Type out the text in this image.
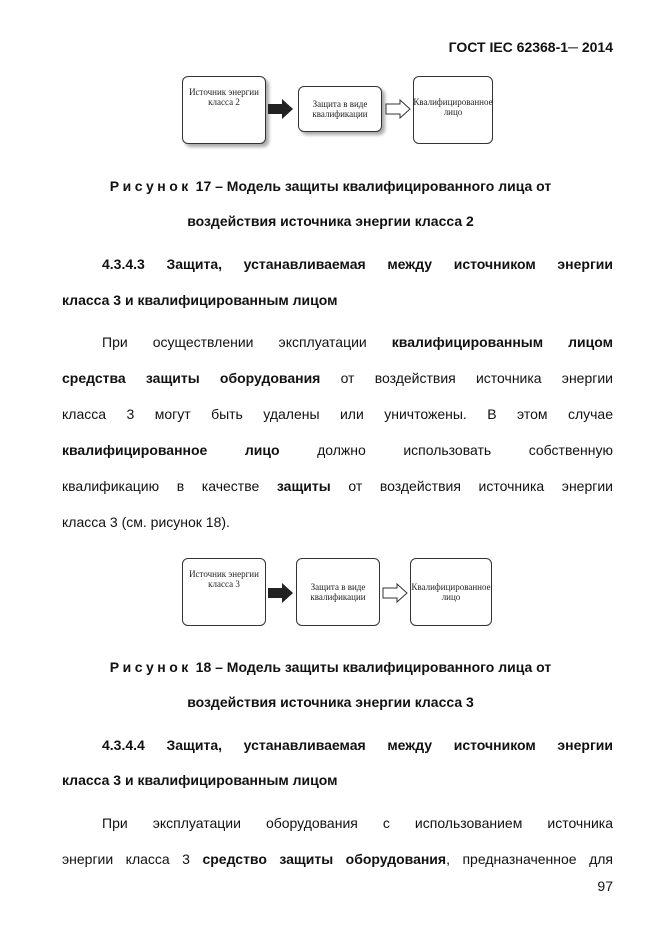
ГОСТ IEC 62368-1─ 2014
Источник энергии класса 2	Защита в виде квалификации
Квалифицированное лицо
Рисунок 17 – Модель защиты квалифицированного лица от
воздействия источника энергии класса 2
4.3.4.3 Защита, устанавливаемая между источником энергии
класса 3 и квалифицированным лицом
При осуществлении эксплуатации квалифицированным лицом
средства защиты оборудования от воздействия источника энергии
класса 3 могут быть удалены или уничтожены. В этом случае
квалифицированное лицо должно использовать собственную
квалификацию в качестве защиты от воздействия источника энергии
класса 3 (см. рисунок 18).
Источник энергии класса 3	Защита в виде квалификации
Квалифицированное лицо
Рисунок 18 – Модель защиты квалифицированного лица от
воздействия источника энергии класса 3
4.3.4.4 Защита, устанавливаемая между источником энергии
класса 3 и квалифицированным лицом
При эксплуатации оборудования с использованием источника
энергии класса 3 средство защиты оборудования, предназначенное для
97
